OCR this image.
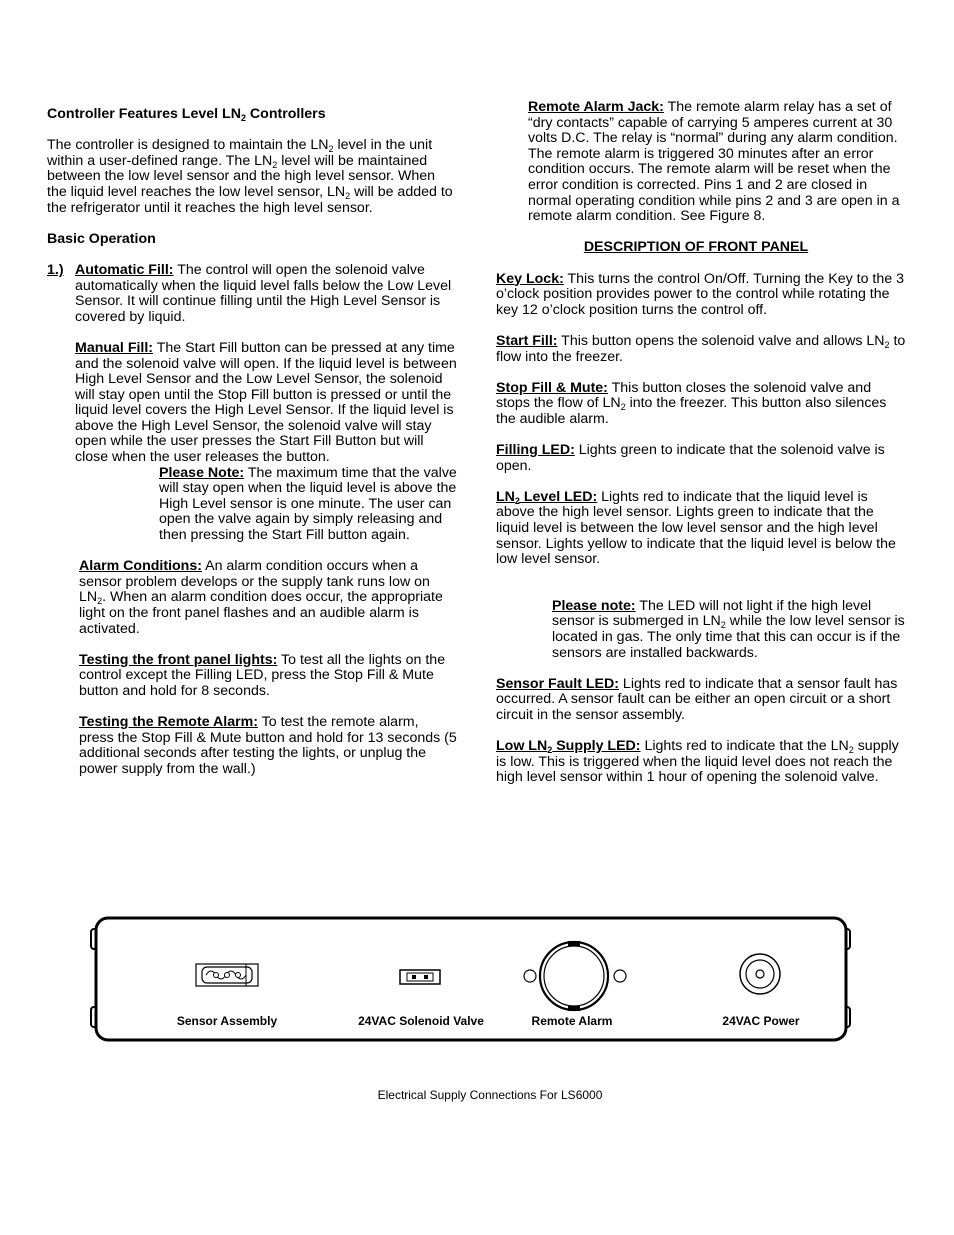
Controller Features Level $LN_2$ Controllers

The controller is designed to maintain the $LN_2$ level in the unit within a user-defined range. The $LN_2$ level will be maintained between the low level sensor and the high level sensor. When the liquid level reaches the low level sensor, $LN_2$ will be added to the refrigerator until it reaches the high level sensor.

Basic Operation

1.) Automatic Fill: The control will open the solenoid valve automatically when the liquid level falls below the Low Level Sensor. It will continue filling until the High Level Sensor is covered by liquid.

Manual Fill: The Start Fill button can be pressed at any time and the solenoid valve will open. If the liquid level is between High Level Sensor and the Low Level Sensor, the solenoid will stay open until the Stop Fill button is pressed or until the liquid level covers the High Level Sensor. If the liquid level is above the High Level Sensor, the solenoid valve will stay open while the user presses the Start Fill Button but will close when the user releases the button.

Please Note: The maximum time that the valve will stay open when the liquid level is above the High Level sensor is one minute. The user can open the valve again by simply releasing and then pressing the Start Fill button again.

Alarm Conditions: An alarm condition occurs when a sensor problem develops or the supply tank runs low on $LN_2$. When an alarm condition does occur, the appropriate light on the front panel flashes and an audible alarm is activated.

Testing the front panel lights: To test all the lights on the control except the Filling LED, press the Stop Fill & Mute button and hold for 8 seconds.

Testing the Remote Alarm: To test the remote alarm, press the Stop Fill & Mute button and hold for 13 seconds (5 additional seconds after testing the lights, or unplug the power supply from the wall.)

Remote Alarm Jack: The remote alarm relay has a set of “dry contacts” capable of carrying 5 amperes current at 30 volts D.C. The relay is “normal” during any alarm condition. The remote alarm is triggered 30 minutes after an error condition occurs. The remote alarm will be reset when the error condition is corrected. Pins 1 and 2 are closed in normal operating condition while pins 2 and 3 are open in a remote alarm condition. See Figure 8.

DESCRIPTION OF FRONT PANEL

Key Lock: This turns the control On/Off. Turning the Key to the 3 o’clock position provides power to the control while rotating the key 12 o’clock position turns the control off.

Start Fill: This button opens the solenoid valve and allows $LN_2$ to flow into the freezer.

Stop Fill & Mute: This button closes the solenoid valve and stops the flow of $LN_2$ into the freezer. This button also silences the audible alarm.

Filling LED: Lights green to indicate that the solenoid valve is open.

$LN_2$ Level LED: Lights red to indicate that the liquid level is above the high level sensor. Lights green to indicate that the liquid level is between the low level sensor and the high level sensor. Lights yellow to indicate that the liquid level is below the low level sensor.

Please note: The LED will not light if the high level sensor is submerged in $LN_2$ while the low level sensor is located in gas. The only time that this can occur is if the sensors are installed backwards.

Sensor Fault LED: Lights red to indicate that a sensor fault has occurred. A sensor fault can be either an open circuit or a short circuit in the sensor assembly.

Low $LN_2$ Supply LED: Lights red to indicate that the $LN_2$ supply is low. This is triggered when the liquid level does not reach the high level sensor within 1 hour of opening the solenoid valve.

Sensor Assembly	24VAC Solenoid Valve	Remote Alarm	24VAC Power
Electrical Supply Connections For LS6000
